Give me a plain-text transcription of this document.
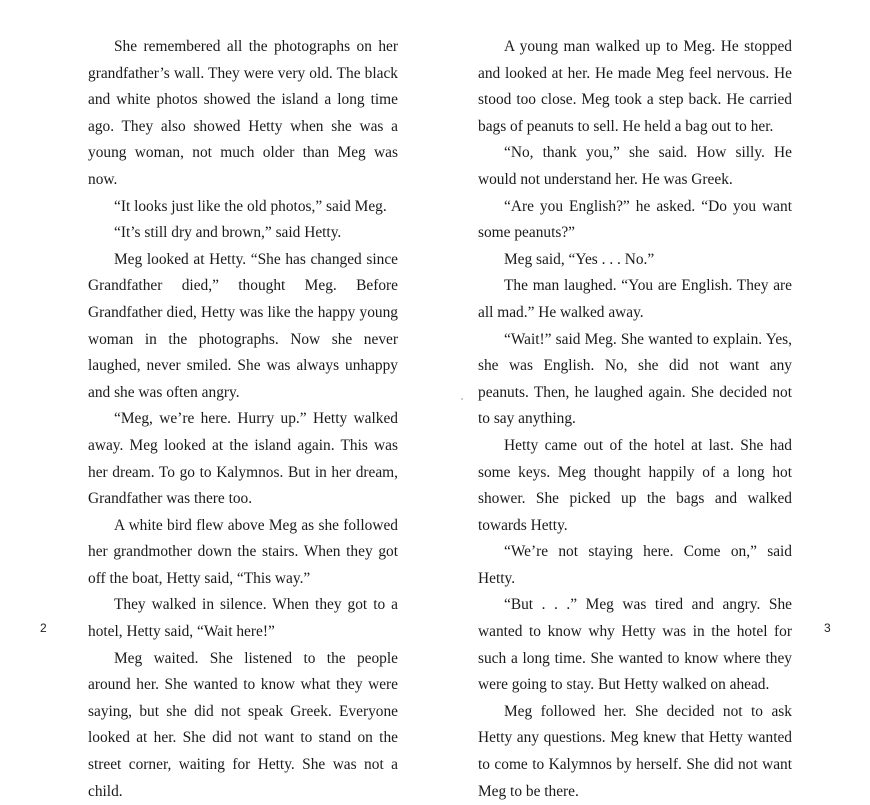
She remembered all the photographs on her grandfather’s wall. They were very old. The black and white photos showed the island a long time ago. They also showed Hetty when she was a young woman, not much older than Meg was now.

“It looks just like the old photos,” said Meg.

“It’s still dry and brown,” said Hetty.

Meg looked at Hetty. “She has changed since Grandfather died,” thought Meg. Before Grandfather died, Hetty was like the happy young woman in the photographs. Now she never laughed, never smiled. She was always unhappy and she was often angry.

“Meg, we’re here. Hurry up.” Hetty walked away. Meg looked at the island again. This was her dream. To go to Kalymnos. But in her dream, Grandfather was there too.

A white bird flew above Meg as she followed her grandmother down the stairs. When they got off the boat, Hetty said, “This way.”

They walked in silence. When they got to a hotel, Hetty said, “Wait here!”

Meg waited. She listened to the people around her. She wanted to know what they were saying, but she did not speak Greek. Everyone looked at her. She did not want to stand on the street corner, waiting for Hetty. She was not a child.

A young man walked up to Meg. He stopped and looked at her. He made Meg feel nervous. He stood too close. Meg took a step back. He carried bags of peanuts to sell. He held a bag out to her.

“No, thank you,” she said. How silly. He would not understand her. He was Greek.

“Are you English?” he asked. “Do you want some peanuts?”

Meg said, “Yes . . . No.”

The man laughed. “You are English. They are all mad.” He walked away.

“Wait!” said Meg. She wanted to explain. Yes, she was English. No, she did not want any peanuts. Then, he laughed again. She decided not to say anything.

Hetty came out of the hotel at last. She had some keys. Meg thought happily of a long hot shower. She picked up the bags and walked towards Hetty.

“We’re not staying here. Come on,” said Hetty.

“But . . .” Meg was tired and angry. She wanted to know why Hetty was in the hotel for such a long time. She wanted to know where they were going to stay. But Hetty walked on ahead.

Meg followed her. She decided not to ask Hetty any questions. Meg knew that Hetty wanted to come to Kalymnos by herself. She did not want Meg to be there.

2	3
